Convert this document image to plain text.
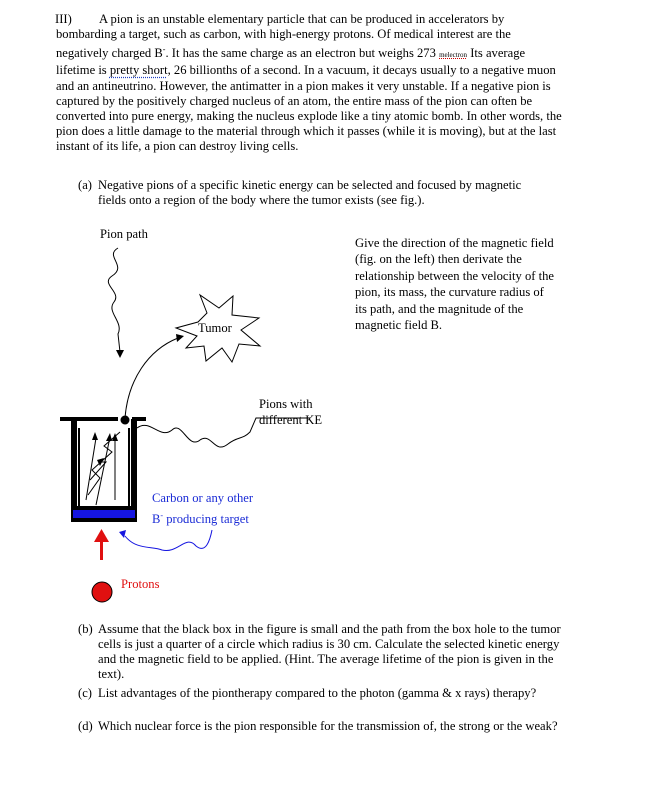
III) A pion is an unstable elementary particle that can be produced in accelerators by bombarding a target, such as carbon, with high-energy protons. Of medical interest are the negatively charged B-. It has the same charge as an electron but weighs 273 melectron Its average lifetime is pretty short, 26 billionths of a second. In a vacuum, it decays usually to a negative muon and an antineutrino. However, the antimatter in a pion makes it very unstable. If a negative pion is captured by the positively charged nucleus of an atom, the entire mass of the pion can often be converted into pure energy, making the nucleus explode like a tiny atomic bomb. In other words, the pion does a little damage to the material through which it passes (while it is moving), but at the last instant of its life, a pion can destroy living cells.
(a) Negative pions of a specific kinetic energy can be selected and focused by magnetic fields onto a region of the body where the tumor exists (see fig.).
Pion path
Tumor
Pions with
different KE
Carbon or any other
B- producing target
Protons
Give the direction of the magnetic field (fig. on the left) then derivate the relationship between the velocity of the pion, its mass, the curvature radius of its path, and the magnitude of the magnetic field B.
(b) Assume that the black box in the figure is small and the path from the box hole to the tumor cells is just a quarter of a circle which radius is 30 cm. Calculate the selected kinetic energy and the magnetic field to be applied. (Hint. The average lifetime of the pion is given in the text).
(c) List advantages of the piontherapy compared to the photon (gamma & x rays) therapy?
(d) Which nuclear force is the pion responsible for the transmission of, the strong or the weak?
